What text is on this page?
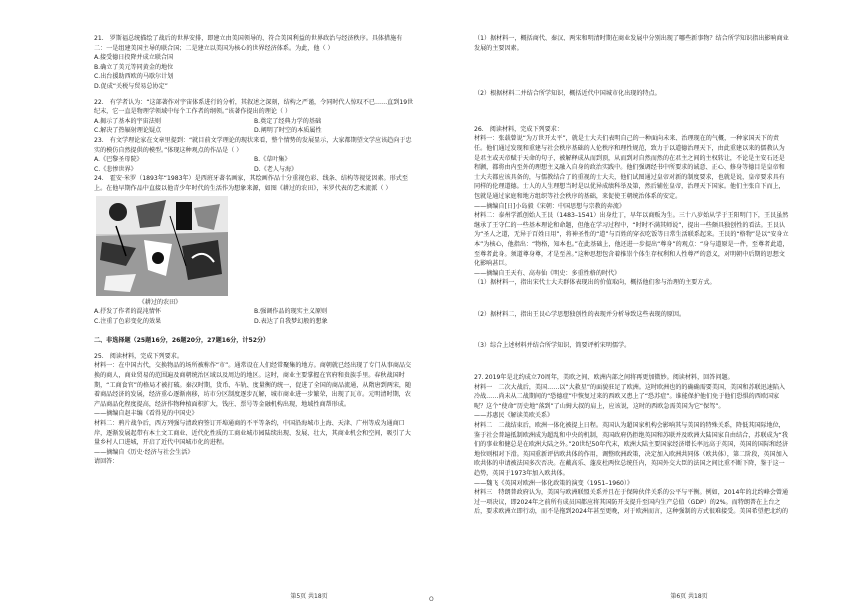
21.　罗斯福总统描绘了战后的世界安排，即建立由美国领导的、符合美国利益的世界政治与经济秩序。具体措施有二：一是组建美国主导的联合国；二是建立以美国为核心的世界经济体系。为此，他（ ）

A.接受德日投降并成立联合国

B.确立了美元等同黄金的地位

C.出台援助西欧的马歇尔计划

D.促成“关税与贸易总协定”

22.　有学者认为：“这部著作对宇宙体系进行的分析，其叙述之深刻，结构之严谨，令同时代人惊叹不已……直到19世纪末，它一直是物理学领域中每个工作者的纲领。”该著作提出的理论（ ）

A.揭示了基本的宇宙法则	B.奠定了经典力学的基础
C.解决了热辐射理论疑点	D.阐明了时空的本质属性

23.　有文学理论家在文章里提到：“就目前文学理论的现状来看，整个情势的发展显示，大家都期望文学应该趋向于忠实的模仿自然提供的模型。”体现这种观点的作品是（ ）

A.《巴黎圣母院》	B.《草叶集》
C.《悲惨世界》	D.《老人与海》

24.　霍安·米罗（1893年“1983年）是西班牙著名画家，其绘画作品十分重视色彩、线条、结构等视觉因素。形式至上。在他早期作品中直接以他青少年时代的生活作为想象来源，如图《耕过的农田》，米罗代表的艺术流派（ ）

《耕过的农田》
A.抒发了作者的混沌情怀	B.强调作品的现实主义原则
C.注重了色彩变化的效果	D.表达了自我梦幻般的想象

二、非选择题（25题16分，26题20分，27题16分，计52分）

25.　阅读材料，完成下列要求。

材料一：在中国古代，交换物品的场所被称作“市”。通常设在人们经常聚集的地方。商朝就已经出现了专门从事商品交换的商人，商业贸易的范围遍及商朝统治区域以及周边的地区。这时，商业主要掌握在官府和贵族手里。春秋战国时期，“工商食官”的格局才被打破。秦汉时期，货币、车轨、度量衡的统一，促进了全国的商品流通，从隋唐到两宋，随着商品经济的发展，经济重心逐渐南移，坊市分区制度逐步瓦解，城市商业进一步繁荣，出现了瓦市。元明清时期，农产品商品化程度提高，经济作物种植面积扩大，钱庄、票号等金融机构出现，地域性商帮形成。

——摘编自赵丰编《看得见的中国史》

材料二：鸦片战争后，西方列强与清政府签订开埠通商的不平等条约，中国沿海城市上海、天津、广州等成为通商口岸，逐渐发展起带有本土文工商业、近代化性质的工商业城市园陆续出现、发展、壮大，其商业机会和空间，吸引了大量乡村人口进城，开启了近代中国城市化的进程。

——摘编自《历史·经济与社会生活》

请回答：

第5页 共18页

（1）据材料一，概括商代、秦汉、两宋和明清时期在商业发展中分别出现了哪些新事物？结合所学知识指出影响商业发展的主要因素。

（2）根据材料二并结合所学知识，概括近代中国城市化出现的特点。

26.　阅读材料，完成下列要求：

材料一：张载曾说“为万世开太平”，就是士大夫们表明自己的一种面向未来、治理现在的气概，一种家国天下的责任。他们通过发现和重建与社会秩序基础的人伦秩序和理性规范，致力于以道德治理天下，由此重建以来的儒教认为是君主或天帝赋于天命的句子，被解释成从而到顶，从而到对自然而然的在君主之间的主权转让，不论是主安石还是程颢，都将由内至外的理想主义融入自身的政治实践中。他们强调经书中所要求的诚意、正心、修身等德目是皇帝和士大夫都应该具备的，与儒教结合了的重视的士大夫，他们试图通过皇帝对新的制度要求，也就是说，皇帝要求具有同样的伦理道德。士人的人生理想当时是以优异成绩科举及第，然后辅佐皇帝，治理天下国家。他们主张自下而上，包就是通过家庭和地方组织等社会秩序的基础，来促使王朝统治体系的安定。

——摘编自[日]小岛毅《宋朝：中国思想与宗教的奔流》

材料二：泰州学派创始人王艮（1483–1541）出身灶丁，早年以商贩为生。三十八岁始从学于王阳明门下，王艮虽然继承了王守仁的一些基本理论和命题，但他在学习过程中，“时时不满其师说”，提出一些颇具独创性的看法。王艮认为“圣人之道，无异于百姓日用”，将神圣性的“道”与百姓的穿衣吃饭等日常生活联系起来。王艮的“格物”是以“安身立本”为核心，他指出：“物格，知本也。”在此基础上，他还进一步提出“尊身”的观点：“身与道原是一件，至尊者此道，至尊者此身。须道尊身尊，才是至善。”这种思想包含着推崇个体生存权利和人性尊严的意义，对明朝中后期的思想文化影响甚巨。

——摘编自王天有、高寿仙《明史：多重性格的时代》

（1）据材料一，指出宋代士大夫群体表现出的价值取向，概括他们参与治理的主要方式。

（2）据材料二，指出王艮心学思想独创性的表现并分析导致这些表现的原因。

（3）综合上述材料并结合所学知识，简要评析宋明儒学。

27. 2019年是北约成立70周年，美欧之间、欧洲内部之间将再更加微妙。阅读材料，回答问题。

材料一　二次大战后，美国……以“大救星”的面貌驻足了欧洲。这时欧洲也的的确确需要美国，美国和苏联迅速陷入冷战……尚未从二战期间的“恐德症”中恢复过来的西欧又患上了“恐苏症”。谁能保护他们免于他们恐惧的西欧国家呢？这个“使命”历史地“落到”了山姆大叔的肩上，应该说，这时的西欧急需美国为它“保驾”。

——苏惠民《解读美欧关系》

材料二　二战结束后，欧洲一体化被提上日程。英国认为超国家机构会影响其与美国的特殊关系，降低其国际地位，鉴于社会普遍抵制欧洲成为超乱和中央的机制，英国政府仍拒绝英国和苏联并及欧洲大陆国家自由结合，苏联成为“我们的事业和健总是在欧洲大陆之外。”20世纪50年代末，欧洲大陆主要国家经济增长率远高于英国，英国的国际和经济地位则相对下滑。英国重新评估欧共体的作用，调整欧洲政策，决定加入欧洲共同体（欧共体），第二阶段，英国加入欧共体的申请被法国多次否决。在戴高乐、蓬皮杜两位总统任内，英国外交大臣的法国之间比重不断下降，鉴于这一趋势，英国于1973年加入欧共体。

——魏飞《英国对欧洲一体化政策的演变（1951–1960）》

材料三　特朗普政府认为，美国与欧洲联盟关系并且在于保障伙伴关系的公平与平衡。例如，2014年的北约峰会曾通过一项决议，即2024年之前所有成员国都应将其国防开支提升至国内生产总值（GDP）的2%。而特朗普在上台之后，要求欧洲立即行动，而不是拖到2024年甚至更晚，对于欧洲而言，这种强制的方式很难接受。美国希望把北约的

第6页 共18页
O
